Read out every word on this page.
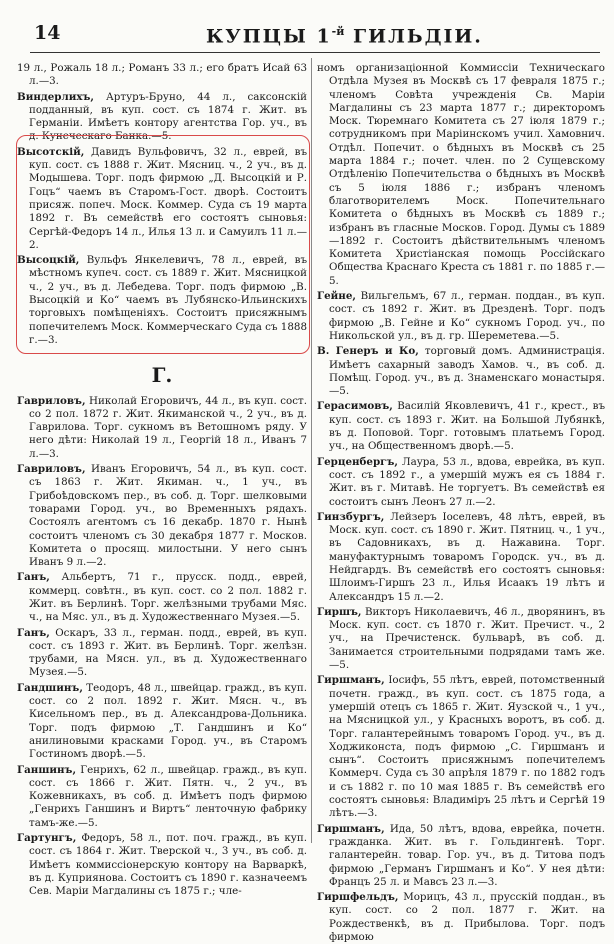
14	КУПЦЫ $1^{-й}$ ГИЛЬДІИ.
19 л., Рожаль 18 л.; Романъ 33 л.; его братъ Исай 63 л.—3.
Виндерлихъ, Артуръ-Бруно, 44 л., саксонскій подданный, въ куп. сост. съ 1874 г. Жит. въ Германіи. Имѣетъ контору агентства Гор. уч., въ д. Кунеческаго Банка.—5.
Высотскій, Давидъ Вульфовичъ, 32 л., еврей, въ куп. сост. съ 1888 г. Жит. Мясниц. ч., 2 уч., въ д. Модышева. Торг. подъ фирмою „Д. Высоцкій и Р. Гоцъ“ чаемъ въ Старомъ-Гост. дворѣ. Состоитъ присяж. попеч. Моск. Коммер. Суда съ 19 марта 1892 г. Въ семействѣ его состоятъ сыновья: Сергѣй-Федоръ 14 л., Илья 13 л. и Самуилъ 11 л.—2.
Высоцкій, Вульфъ Янкелевичъ, 78 л., еврей, въ мѣстномъ купеч. сост. съ 1889 г. Жит. Мясницкой ч., 2 уч., въ д. Лебедева. Торг. подъ фирмою „В. Высоцкій и Ко“ чаемъ въ Лубянско-Ильинскихъ торговыхъ помѣщеніяхъ. Состоитъ присяжнымъ попечителемъ Моск. Коммерческаго Суда съ 1888 г.—3.
Г.
Гавриловъ, Николай Егоровичъ, 44 л., въ куп. сост. со 2 пол. 1872 г. Жит. Якиманской ч., 2 уч., въ д. Гаврилова. Торг. сукномъ въ Ветошномъ ряду. У него дѣти: Николай 19 л., Георгій 18 л., Иванъ 7 л.—3.
Гавриловъ, Иванъ Егоровичъ, 54 л., въ куп. сост. съ 1863 г. Жит. Якиман. ч., 1 уч., въ Грибоѣдовскомъ пер., въ соб. д. Торг. шелковыми товарами Город. уч., во Временныхъ рядахъ. Состоялъ агентомъ съ 16 декабр. 1870 г. Нынѣ состоитъ членомъ съ 30 декабря 1877 г. Москов. Комитета о просящ. милостыни. У него сынъ Иванъ 9 л.—2.
Ганъ, Альбертъ, 71 г., прусск. подд., еврей, коммерц. совѣтн., въ куп. сост. со 2 пол. 1882 г. Жит. въ Берлинѣ. Торг. желѣзными трубами Мяс. ч., на Мяс. ул., въ д. Художественнаго Музея.—5.
Ганъ, Оскаръ, 33 л., герман. подд., еврей, въ куп. сост. съ 1893 г. Жит. въ Берлинѣ. Торг. желѣзн. трубами, на Мясн. ул., въ д. Художественнаго Музея.—5.
Гандшинъ, Теодоръ, 48 л., швейцар. гражд., въ куп. сост. со 2 пол. 1892 г. Жит. Мясн. ч., въ Кисельномъ пер., въ д. Александрова-Дольника. Торг. подъ фирмою „Т. Гандшинъ и Ко“ анилиновыми красками Город. уч., въ Старомъ Гостиномъ дворѣ.—5.
Ганшинъ, Генрихъ, 62 л., швейцар. гражд., въ куп. сост. съ 1866 г. Жит. Пятн. ч., 2 уч., въ Кожевникахъ, въ соб. д. Имѣетъ подъ фирмою „Генрихъ Ганшинъ и Виртъ“ ленточную фабрику тамъ-же.—5.
Гартунгъ, Федоръ, 58 л., пот. поч. гражд., въ куп. сост. съ 1864 г. Жит. Тверской ч., 3 уч., въ соб. д. Имѣетъ коммиссіонерскую контору на Варваркѣ, въ д. Куприянова. Состоитъ съ 1890 г. казначеемъ Сев. Маріи Магдалины съ 1875 г.; чле-
номъ организаціонной Коммиссіи Техническаго Отдѣла Музея въ Москвѣ съ 17 февраля 1875 г.; членомъ Совѣта учрежденія Св. Маріи Магдалины съ 23 марта 1877 г.; директоромъ Моск. Тюремнаго Комитета съ 27 іюля 1879 г.; сотрудникомъ при Маріинскомъ учил. Хамовнич. Отдѣл. Попечит. о бѣдныхъ въ Москвѣ съ 25 марта 1884 г.; почет. член. по 2 Сущевскому Отдѣленію Попечительства о бѣдныхъ въ Москвѣ съ 5 іюля 1886 г.; избранъ членомъ благотворителемъ Моск. Попечительнаго Комитета о бѣдныхъ въ Москвѣ съ 1889 г.; избранъ въ гласные Москов. Город. Думы съ 1889—1892 г. Состоитъ дѣйствительнымъ членомъ Комитета Христіанская помощь Россійскаго Общества Краснаго Креста съ 1881 г. по 1885 г.—5.
Гейне, Вильгельмъ, 67 л., герман. поддан., въ куп. сост. съ 1892 г. Жит. въ Дрезденѣ. Торг. подъ фирмою „В. Гейне и Ко“ сукномъ Город. уч., по Никольской ул., въ д. гр. Шереметева.—5.
В. Генеръ и Ко, торговый домъ. Администрація. Имѣетъ сахарный заводъ Хамов. ч., въ соб. д. Помѣщ. Город. уч., въ д. Знаменскаго монастыря.—5.
Герасимовъ, Василій Яковлевичъ, 41 г., крест., въ куп. сост. съ 1893 г. Жит. на Большой Лубянкѣ, въ д. Поповой. Торг. готовымъ платьемъ Город. уч., на Общественномъ дворѣ.—5.
Герценбергъ, Лаура, 53 л., вдова, еврейка, въ куп. сост. съ 1892 г., а умершій мужъ ея съ 1884 г. Жит. въ г. Митавѣ. Не торгуетъ. Въ семействѣ ея состоитъ сынъ Леонъ 27 л.—2.
Гинзбургъ, Лейзеръ Іоселевъ, 48 лѣтъ, еврей, въ Моск. куп. сост. съ 1890 г. Жит. Пятниц. ч., 1 уч., въ Садовникахъ, въ д. Нажавина. Торг. мануфактурнымъ товаромъ Городск. уч., въ д. Нейдгардъ. Въ семействѣ его состоятъ сыновья: Шлоимъ-Гиршъ 23 л., Илья Исаакъ 19 лѣтъ и Александръ 15 л.—2.
Гиршъ, Викторъ Николаевичъ, 46 л., дворянинъ, въ Моск. куп. сост. съ 1870 г. Жит. Пречист. ч., 2 уч., на Пречистенск. бульварѣ, въ соб. д. Занимается строительными подрядами тамъ же.—5.
Гиршманъ, Іосифъ, 55 лѣтъ, еврей, потомственный почетн. гражд., въ куп. сост. съ 1875 года, а умершій отецъ съ 1865 г. Жит. Яузской ч., 1 уч., на Мясницкой ул., у Красныхъ воротъ, въ соб. д. Торг. галантерейнымъ товаромъ Город. уч., въ д. Ходжиконста, подъ фирмою „С. Гиршманъ и сынъ“. Состоитъ присяжнымъ попечителемъ Коммерч. Суда съ 30 апрѣля 1879 г. по 1882 годъ и съ 1882 г. по 10 мая 1885 г. Въ семействѣ его состоятъ сыновья: Владиміръ 25 лѣтъ и Сергѣй 19 лѣтъ.—3.
Гиршманъ, Ида, 50 лѣтъ, вдова, еврейка, почетн. гражданка. Жит. въ г. Гольдингенѣ. Торг. галантерейн. товар. Гор. уч., въ д. Титова подъ фирмою „Германъ Гиршманъ и Ко“. У нея дѣти: Францъ 25 л. и Мавсъ 23 л.—3.
Гиршфельдъ, Морицъ, 43 л., прусскій поддан., въ куп. сост. со 2 пол. 1877 г. Жит. на Рождественкѣ, въ д. Прибылова. Торг. подъ фирмою
